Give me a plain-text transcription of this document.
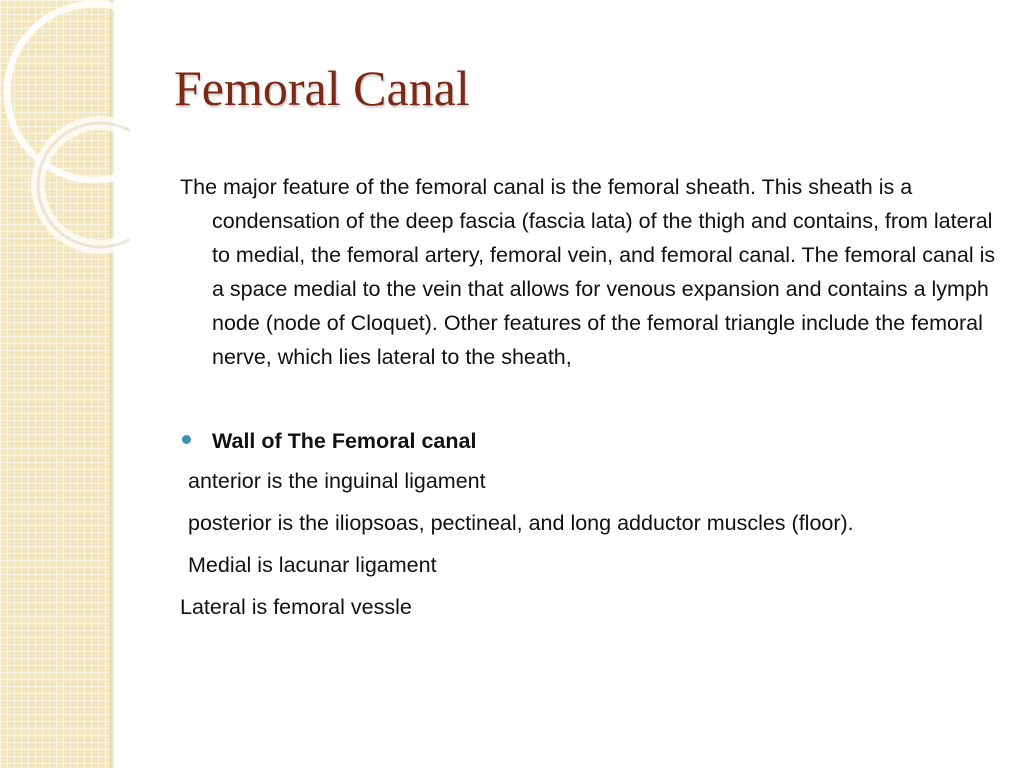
Femoral Canal

The major feature of the femoral canal is the femoral sheath. This sheath is a condensation of the deep fascia (fascia lata) of the thigh and contains, from lateral to medial, the femoral artery, femoral vein, and femoral canal. The femoral canal is a space medial to the vein that allows for venous expansion and contains a lymph node (node of Cloquet). Other features of the femoral triangle include the femoral nerve, which lies lateral to the sheath,

Wall of The Femoral canal

anterior is the inguinal ligament

posterior is the iliopsoas, pectineal, and long adductor muscles (floor).

Medial is lacunar ligament

Lateral is femoral vessle
